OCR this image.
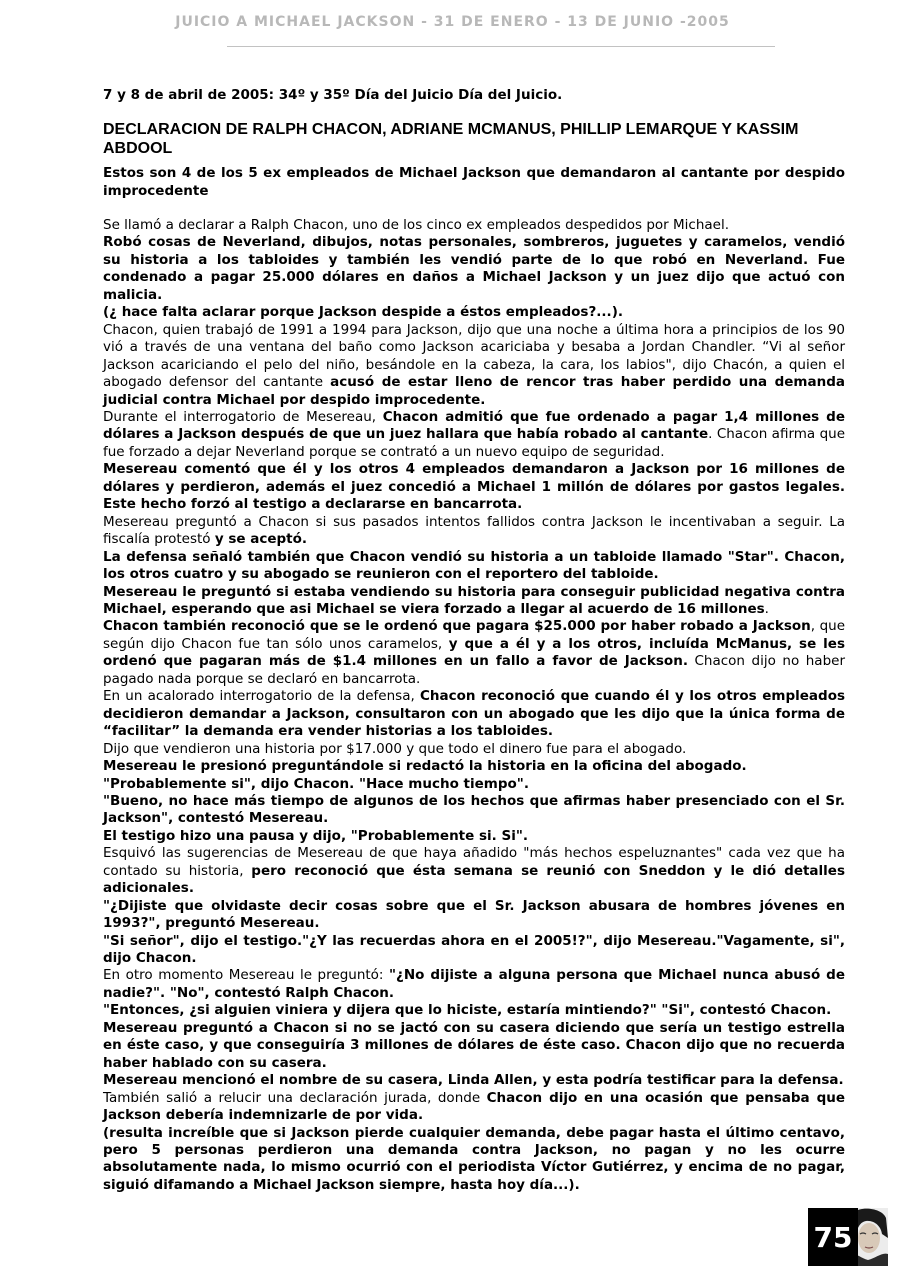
JUICIO A MICHAEL JACKSON - 31 DE ENERO - 13 DE JUNIO -2005
7 y 8 de abril de 2005: 34º y 35º Día del Juicio Día del Juicio.
DECLARACION DE RALPH CHACON, ADRIANE MCMANUS, PHILLIP LEMARQUE Y KASSIM ABDOOL
Estos son 4 de los 5 ex empleados de Michael Jackson que demandaron al cantante por despido improcedente

Se llamó a declarar a Ralph Chacon, uno de los cinco ex empleados despedidos por Michael.

Robó cosas de Neverland, dibujos, notas personales, sombreros, juguetes y caramelos, vendió su historia a los tabloides y también les vendió parte de lo que robó en Neverland. Fue condenado a pagar 25.000 dólares en daños a Michael Jackson y un juez dijo que actuó con malicia.

(¿ hace falta aclarar porque Jackson despide a éstos empleados?...).

Chacon, quien trabajó de 1991 a 1994 para Jackson, dijo que una noche a última hora a principios de los 90 vió a través de una ventana del baño como Jackson acariciaba y besaba a Jordan Chandler. “Vi al señor Jackson acariciando el pelo del niño, besándole en la cabeza, la cara, los labios", dijo Chacón, a quien el abogado defensor del cantante acusó de estar lleno de rencor tras haber perdido una demanda judicial contra Michael por despido improcedente.

Durante el interrogatorio de Mesereau, Chacon admitió que fue ordenado a pagar 1,4 millones de dólares a Jackson después de que un juez hallara que había robado al cantante. Chacon afirma que fue forzado a dejar Neverland porque se contrató a un nuevo equipo de seguridad.

Mesereau comentó que él y los otros 4 empleados demandaron a Jackson por 16 millones de dólares y perdieron, además el juez concedió a Michael 1 millón de dólares por gastos legales. Este hecho forzó al testigo a declararse en bancarrota.

Mesereau preguntó a Chacon si sus pasados intentos fallidos contra Jackson le incentivaban a seguir. La fiscalía protestó y se aceptó.

La defensa señaló también que Chacon vendió su historia a un tabloide llamado "Star". Chacon, los otros cuatro y su abogado se reunieron con el reportero del tabloide.

Mesereau le preguntó si estaba vendiendo su historia para conseguir publicidad negativa contra Michael, esperando que asi Michael se viera forzado a llegar al acuerdo de 16 millones.

Chacon también reconoció que se le ordenó que pagara $25.000 por haber robado a Jackson, que según dijo Chacon fue tan sólo unos caramelos, y que a él y a los otros, incluída McManus, se les ordenó que pagaran más de $1.4 millones en un fallo a favor de Jackson. Chacon dijo no haber pagado nada porque se declaró en bancarrota.

En un acalorado interrogatorio de la defensa, Chacon reconoció que cuando él y los otros empleados decidieron demandar a Jackson, consultaron con un abogado que les dijo que la única forma de “facilitar” la demanda era vender historias a los tabloides.

Dijo que vendieron una historia por $17.000 y que todo el dinero fue para el abogado.

Mesereau le presionó preguntándole si redactó la historia en la oficina del abogado.

"Probablemente si", dijo Chacon. "Hace mucho tiempo".

"Bueno, no hace más tiempo de algunos de los hechos que afirmas haber presenciado con el Sr. Jackson", contestó Mesereau.

El testigo hizo una pausa y dijo, "Probablemente si. Si".

Esquivó las sugerencias de Mesereau de que haya añadido "más hechos espeluznantes" cada vez que ha contado su historia, pero reconoció que ésta semana se reunió con Sneddon y le dió detalles adicionales.

"¿Dijiste que olvidaste decir cosas sobre que el Sr. Jackson abusara de hombres jóvenes en 1993?", preguntó Mesereau.

"Si señor", dijo el testigo."¿Y las recuerdas ahora en el 2005!?", dijo Mesereau."Vagamente, si", dijo Chacon.

En otro momento Mesereau le preguntó: "¿No dijiste a alguna persona que Michael nunca abusó de nadie?". "No", contestó Ralph Chacon.

"Entonces, ¿si alguien viniera y dijera que lo hiciste, estaría mintiendo?" "Si", contestó Chacon.

Mesereau preguntó a Chacon si no se jactó con su casera diciendo que sería un testigo estrella en éste caso, y que conseguiría 3 millones de dólares de éste caso. Chacon dijo que no recuerda haber hablado con su casera.

Mesereau mencionó el nombre de su casera, Linda Allen, y esta podría testificar para la defensa.

También salió a relucir una declaración jurada, donde Chacon dijo en una ocasión que pensaba que Jackson debería indemnizarle de por vida.

(resulta increíble que si Jackson pierde cualquier demanda, debe pagar hasta el último centavo, pero 5 personas perdieron una demanda contra Jackson, no pagan y no les ocurre absolutamente nada, lo mismo ocurrió con el periodista Víctor Gutiérrez, y encima de no pagar, siguió difamando a Michael Jackson siempre, hasta hoy día...).

75
